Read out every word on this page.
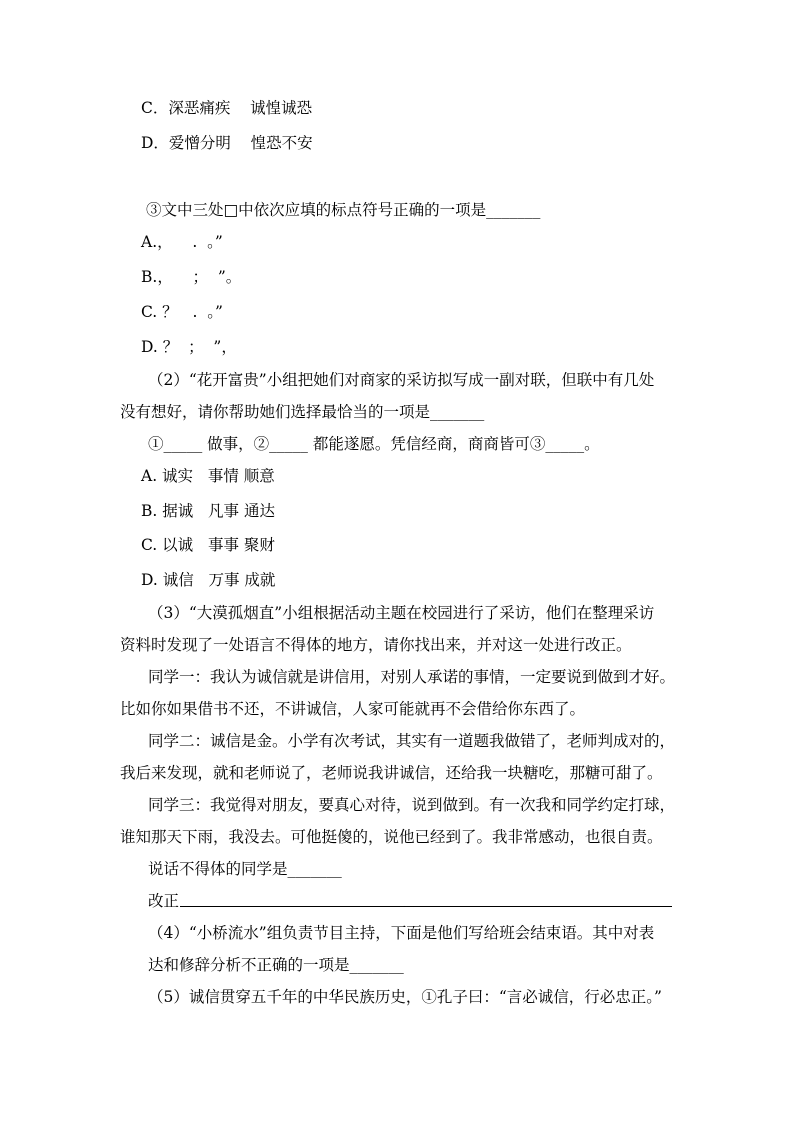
C．深恶痛疾    诚惶诚恐
D．爱憎分明    惶恐不安
③文中三处□中依次应填的标点符号正确的一项是_______
A.，    .  。”
B.，    ；  ”。
C. ？   .  。”
D. ？  ；  ”，
（2）“花开富贵”小组把她们对商家的采访拟写成一副对联，但联中有几处
没有想好，请你帮助她们选择最恰当的一项是_______
①_____ 做事，②_____ 都能遂愿。凭信经商，商商皆可③_____。
A. 诚实   事情 顺意
B. 据诚   凡事 通达
C. 以诚   事事 聚财
D. 诚信   万事 成就
（3）“大漠孤烟直”小组根据活动主题在校园进行了采访，他们在整理采访
资料时发现了一处语言不得体的地方，请你找出来，并对这一处进行改正。
同学一：我认为诚信就是讲信用，对别人承诺的事情，一定要说到做到才好。
比如你如果借书不还，不讲诚信，人家可能就再不会借给你东西了。
同学二：诚信是金。小学有次考试，其实有一道题我做错了，老师判成对的，
我后来发现，就和老师说了，老师说我讲诚信，还给我一块糖吃，那糖可甜了。
同学三：我觉得对朋友，要真心对待，说到做到。有一次我和同学约定打球，
谁知那天下雨，我没去。可他挺傻的，说他已经到了。我非常感动，也很自责。
说话不得体的同学是_______
改正
（4）“小桥流水”组负责节目主持，下面是他们写给班会结束语。其中对表
达和修辞分析不正确的一项是_______
（5）诚信贯穿五千年的中华民族历史，①孔子曰：“言必诚信，行必忠正。”
